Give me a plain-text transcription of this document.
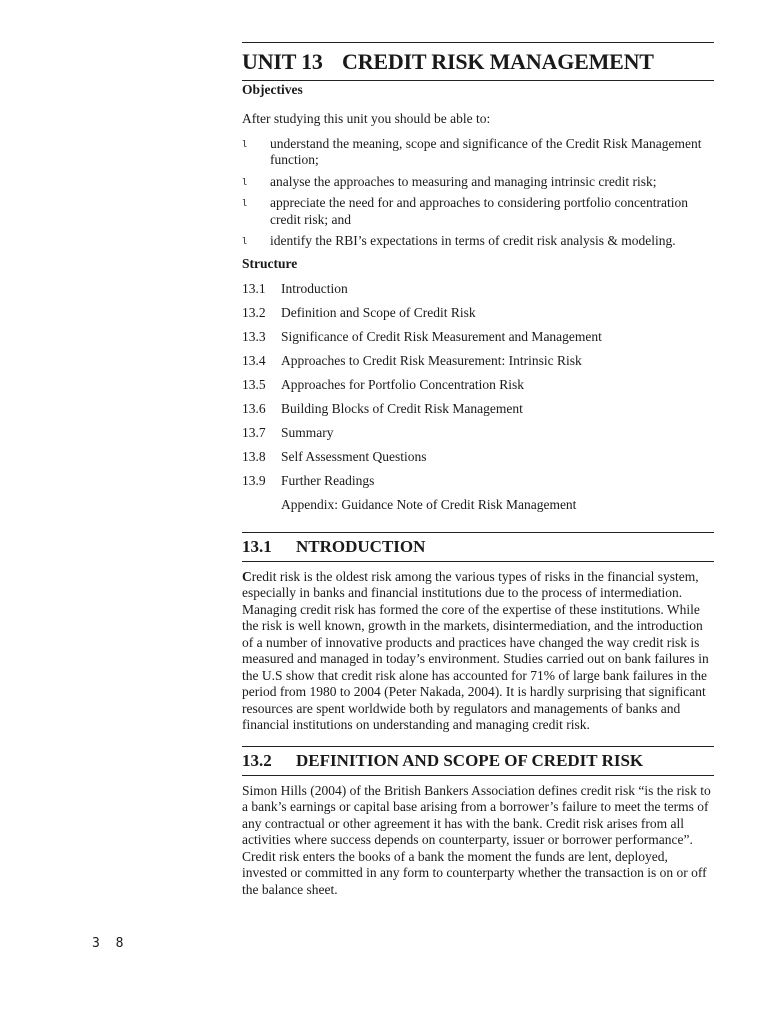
UNIT 13 CREDIT RISK MANAGEMENT
Objectives

After studying this unit you should be able to:

l understand the meaning, scope and significance of the Credit Risk Management function;
l analyse the approaches to measuring and managing intrinsic credit risk;
l appreciate the need for and approaches to considering portfolio concentration credit risk; and
l identify the RBI’s expectations in terms of credit risk analysis & modeling.
Structure
13.1	Introduction
13.2	Definition and Scope of Credit Risk
13.3	Significance of Credit Risk Measurement and Management
13.4	Approaches to Credit Risk Measurement: Intrinsic Risk
13.5	Approaches for Portfolio Concentration Risk
13.6	Building Blocks of Credit Risk Management
13.7	Summary
13.8	Self Assessment Questions
13.9	Further Readings
Appendix: Guidance Note of Credit Risk Management
13.1 NTRODUCTION

Credit risk is the oldest risk among the various types of risks in the financial system, especially in banks and financial institutions due to the process of intermediation. Managing credit risk has formed the core of the expertise of these institutions. While the risk is well known, growth in the markets, disintermediation, and the introduction of a number of innovative products and practices have changed the way credit risk is measured and managed in today’s environment. Studies carried out on bank failures in the U.S show that credit risk alone has accounted for 71% of large bank failures in the period from 1980 to 2004 (Peter Nakada, 2004). It is hardly surprising that significant resources are spent worldwide both by regulators and managements of banks and financial institutions on understanding and managing credit risk.

13.2 DEFINITION AND SCOPE OF CREDIT RISK

Simon Hills (2004) of the British Bankers Association defines credit risk “is the risk to a bank’s earnings or capital base arising from a borrower’s failure to meet the terms of any contractual or other agreement it has with the bank. Credit risk arises from all activities where success depends on counterparty, issuer or borrower performance”. Credit risk enters the books of a bank the moment the funds are lent, deployed, invested or committed in any form to counterparty whether the transaction is on or off the balance sheet.

3 8
